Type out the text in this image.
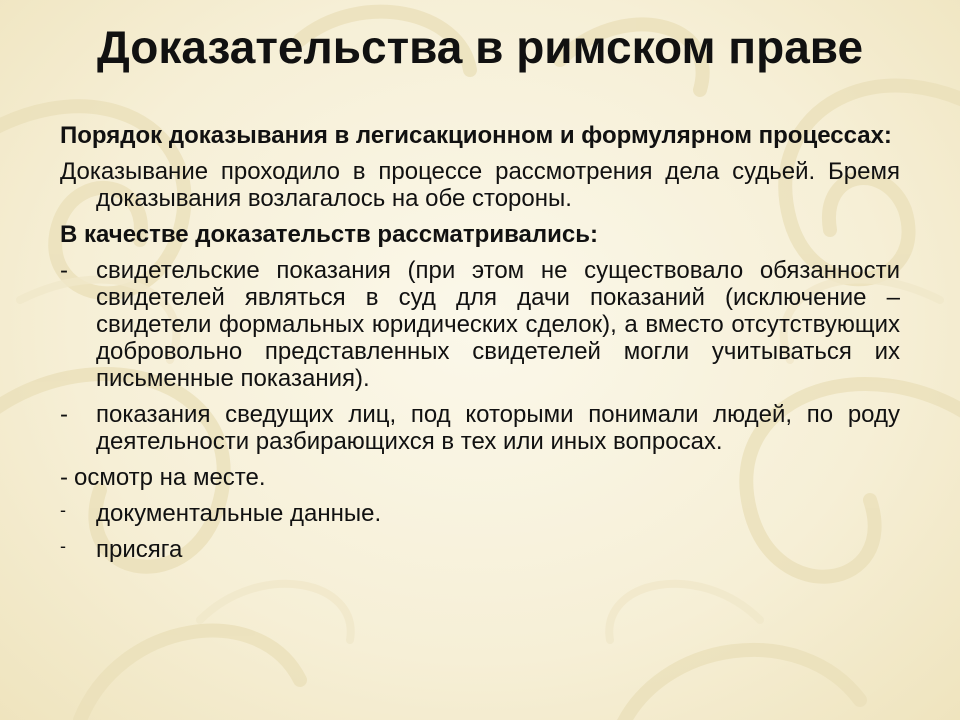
Доказательства в римском праве
Порядок доказывания в легисакционном и формулярном процессах:
Доказывание проходило в процессе рассмотрения дела судьей. Бремя доказывания возлагалось на обе стороны.
В качестве доказательств рассматривались:
-	свидетельские показания (при этом не существовало обязанности свидетелей являться в суд для дачи показаний (исключение – свидетели формальных юридических сделок), а вместо отсутствующих добровольно представленных свидетелей могли учитываться их письменные показания).
-	показания сведущих лиц, под которыми понимали людей, по роду деятельности разбирающихся в тех или иных вопросах.
- осмотр на месте.
-	документальные данные.
-	присяга
